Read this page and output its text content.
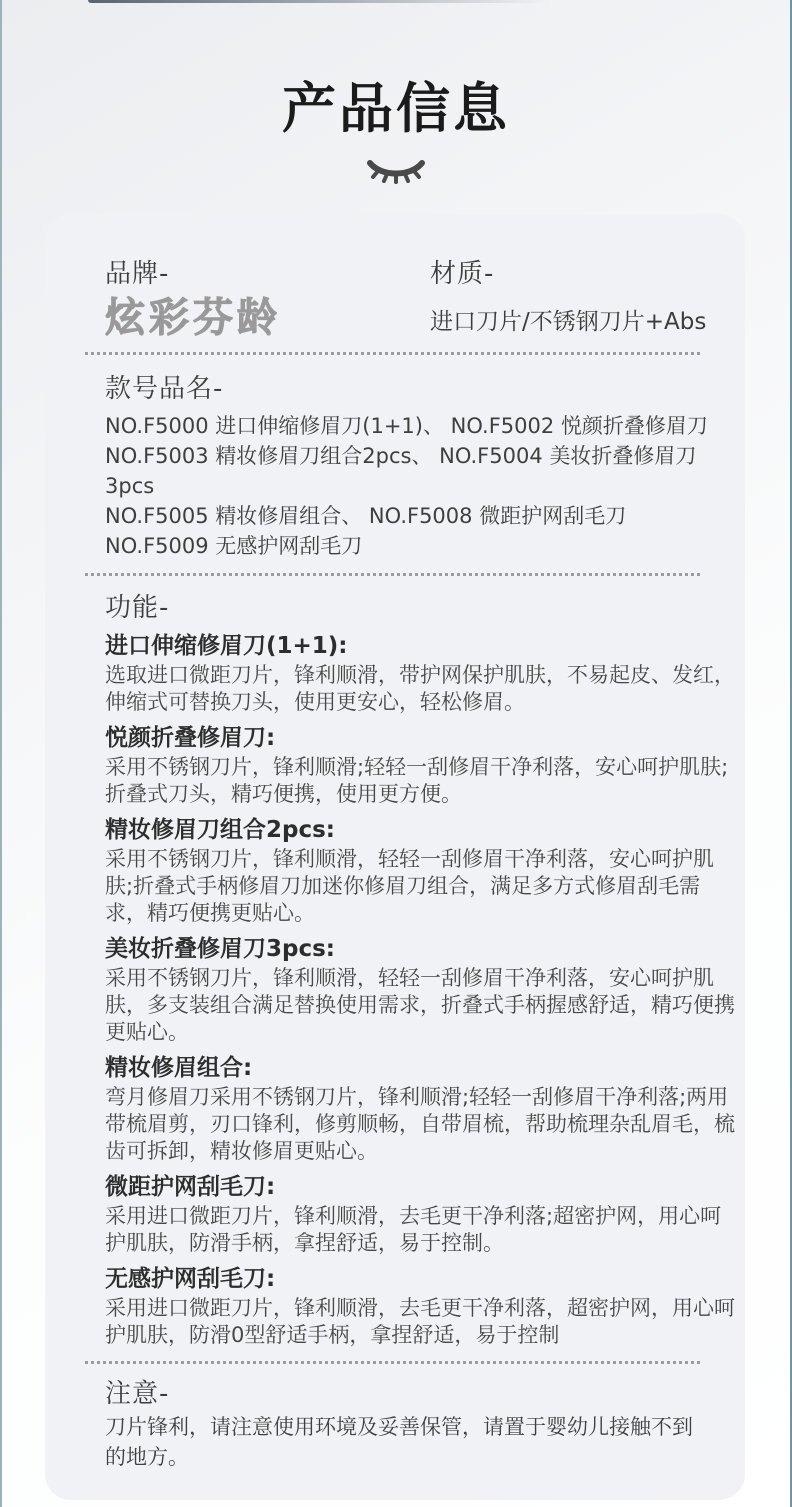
产品信息
品牌-
炫彩芬龄
材质-
进口刀片/不锈钢刀片+Abs
款号品名-
NO.F5000 进口伸缩修眉刀(1+1)、 NO.F5002 悦颜折叠修眉刀
NO.F5003 精妆修眉刀组合2pcs、 NO.F5004 美妆折叠修眉刀3pcs
NO.F5005 精妆修眉组合、 NO.F5008 微距护网刮毛刀
NO.F5009 无感护网刮毛刀
功能-
进口伸缩修眉刀(1+1):
选取进口微距刀片，锋利顺滑，带护网保护肌肤，不易起皮、发红，伸缩式可替换刀头，使用更安心，轻松修眉。
悦颜折叠修眉刀:
采用不锈钢刀片，锋利顺滑;轻轻一刮修眉干净利落，安心呵护肌肤;折叠式刀头，精巧便携，使用更方便。
精妆修眉刀组合2pcs:
采用不锈钢刀片，锋利顺滑，轻轻一刮修眉干净利落，安心呵护肌肤;折叠式手柄修眉刀加迷你修眉刀组合，满足多方式修眉刮毛需求，精巧便携更贴心。
美妆折叠修眉刀3pcs:
采用不锈钢刀片，锋利顺滑，轻轻一刮修眉干净利落，安心呵护肌肤，多支装组合满足替换使用需求，折叠式手柄握感舒适，精巧便携更贴心。
精妆修眉组合:
弯月修眉刀采用不锈钢刀片，锋利顺滑;轻轻一刮修眉干净利落;两用带梳眉剪，刃口锋利，修剪顺畅，自带眉梳，帮助梳理杂乱眉毛，梳齿可拆卸，精妆修眉更贴心。
微距护网刮毛刀:
采用进口微距刀片，锋利顺滑，去毛更干净利落;超密护网，用心呵护肌肤，防滑手柄，拿捏舒适，易于控制。
无感护网刮毛刀:
采用进口微距刀片，锋利顺滑，去毛更干净利落，超密护网，用心呵护肌肤，防滑0型舒适手柄，拿捏舒适，易于控制
注意-
刀片锋利，请注意使用环境及妥善保管，请置于婴幼儿接触不到的地方。
